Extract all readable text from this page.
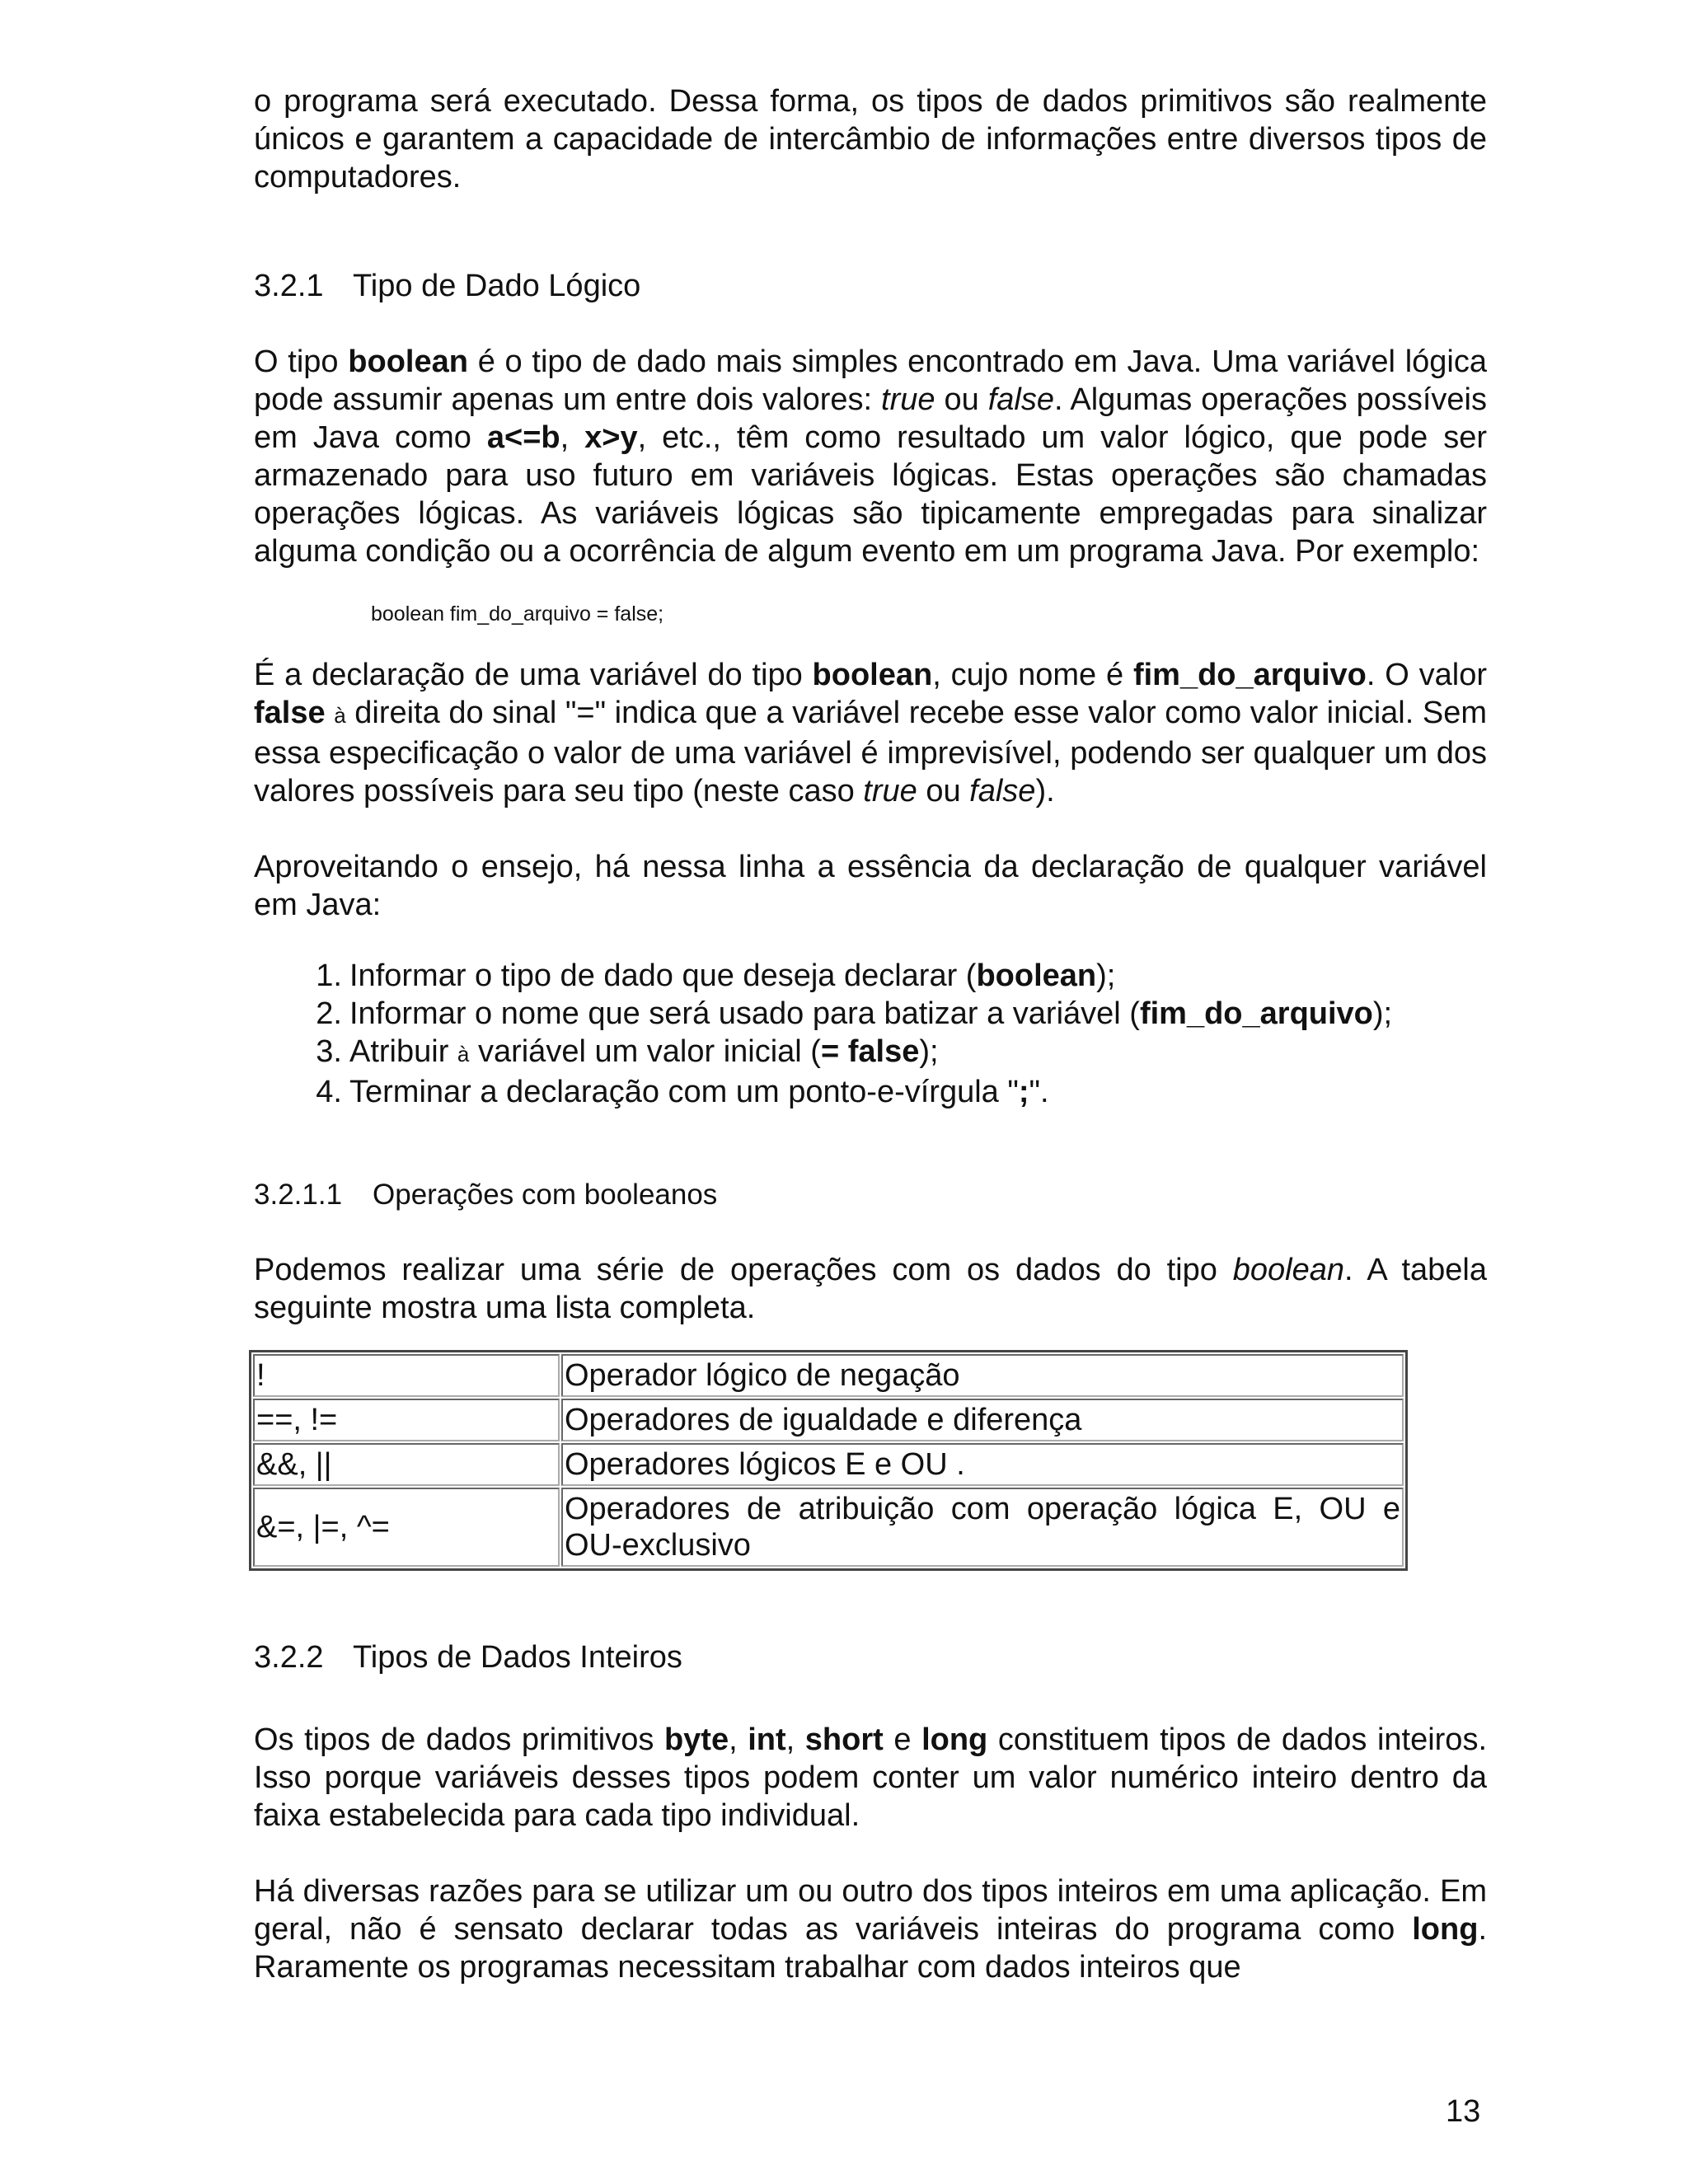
o programa será executado. Dessa forma, os tipos de dados primitivos são realmente únicos e garantem a capacidade de intercâmbio de informações entre diversos tipos de computadores.

3.2.1 Tipo de Dado Lógico

O tipo boolean é o tipo de dado mais simples encontrado em Java. Uma variável lógica pode assumir apenas um entre dois valores: true ou false. Algumas operações possíveis em Java como a<=b, x>y, etc., têm como resultado um valor lógico, que pode ser armazenado para uso futuro em variáveis lógicas. Estas operações são chamadas operações lógicas. As variáveis lógicas são tipicamente empregadas para sinalizar alguma condição ou a ocorrência de algum evento em um programa Java. Por exemplo:

boolean fim_do_arquivo = false;

É a declaração de uma variável do tipo boolean, cujo nome é fim_do_arquivo. O valor false à direita do sinal "=" indica que a variável recebe esse valor como valor inicial. Sem essa especificação o valor de uma variável é imprevisível, podendo ser qualquer um dos valores possíveis para seu tipo (neste caso true ou false).

Aproveitando o ensejo, há nessa linha a essência da declaração de qualquer variável em Java:

1. Informar o tipo de dado que deseja declarar (boolean);
2. Informar o nome que será usado para batizar a variável (fim_do_arquivo);
3. Atribuir à variável um valor inicial (= false);
4. Terminar a declaração com um ponto-e-vírgula ";".
3.2.1.1 Operações com booleanos

Podemos realizar uma série de operações com os dados do tipo boolean. A tabela seguinte mostra uma lista completa.

!	Operador lógico de negação
==, !=	Operadores de igualdade e diferença
&&, ||	Operadores lógicos E e OU .
&=, |=, ^=	Operadores de atribuição com operação lógica E, OU e OU-exclusivo
3.2.2 Tipos de Dados Inteiros

Os tipos de dados primitivos byte, int, short e long constituem tipos de dados inteiros. Isso porque variáveis desses tipos podem conter um valor numérico inteiro dentro da faixa estabelecida para cada tipo individual.

Há diversas razões para se utilizar um ou outro dos tipos inteiros em uma aplicação. Em geral, não é sensato declarar todas as variáveis inteiras do programa como long. Raramente os programas necessitam trabalhar com dados inteiros que

13
